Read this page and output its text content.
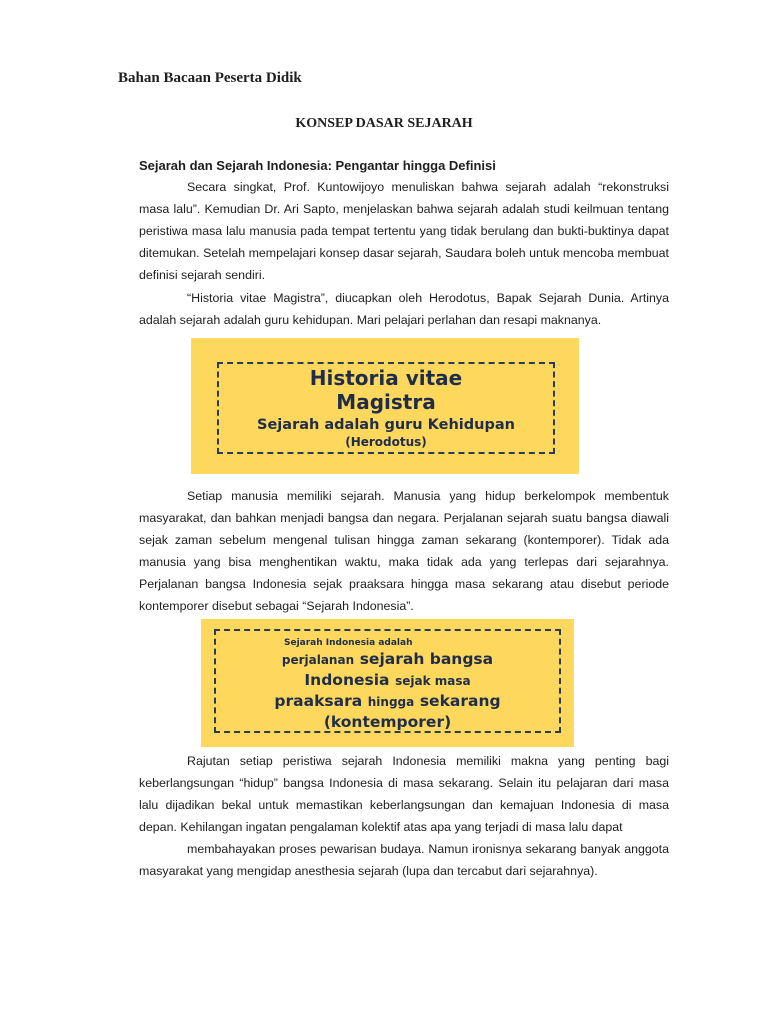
Bahan Bacaan Peserta Didik
KONSEP DASAR SEJARAH
Sejarah dan Sejarah Indonesia: Pengantar hingga Definisi

Secara singkat, Prof. Kuntowijoyo menuliskan bahwa sejarah adalah “rekonstruksi masa lalu”. Kemudian Dr. Ari Sapto, menjelaskan bahwa sejarah adalah studi keilmuan tentang peristiwa masa lalu manusia pada tempat tertentu yang tidak berulang dan bukti-buktinya dapat ditemukan. Setelah mempelajari konsep dasar sejarah, Saudara boleh untuk mencoba membuat definisi sejarah sendiri.

“Historia vitae Magistra”, diucapkan oleh Herodotus, Bapak Sejarah Dunia. Artinya adalah sejarah adalah guru kehidupan. Mari pelajari perlahan dan resapi maknanya.

Historia vitae
Magistra
Sejarah adalah guru Kehidupan
(Herodotus)

Setiap manusia memiliki sejarah. Manusia yang hidup berkelompok membentuk masyarakat, dan bahkan menjadi bangsa dan negara. Perjalanan sejarah suatu bangsa diawali sejak zaman sebelum mengenal tulisan hingga zaman sekarang (kontemporer). Tidak ada manusia yang bisa menghentikan waktu, maka tidak ada yang terlepas dari sejarahnya. Perjalanan bangsa Indonesia sejak praaksara hingga masa sekarang atau disebut periode kontemporer disebut sebagai “Sejarah Indonesia”.

Sejarah Indonesia adalah
perjalanan sejarah bangsa
Indonesia sejak masa
praaksara hingga sekarang
(kontemporer)

Rajutan setiap peristiwa sejarah Indonesia memiliki makna yang penting bagi keberlangsungan “hidup” bangsa Indonesia di masa sekarang. Selain itu pelajaran dari masa lalu dijadikan bekal untuk memastikan keberlangsungan dan kemajuan Indonesia di masa depan. Kehilangan ingatan pengalaman kolektif atas apa yang terjadi di masa lalu dapat

membahayakan proses pewarisan budaya. Namun ironisnya sekarang banyak anggota masyarakat yang mengidap anesthesia sejarah (lupa dan tercabut dari sejarahnya).
